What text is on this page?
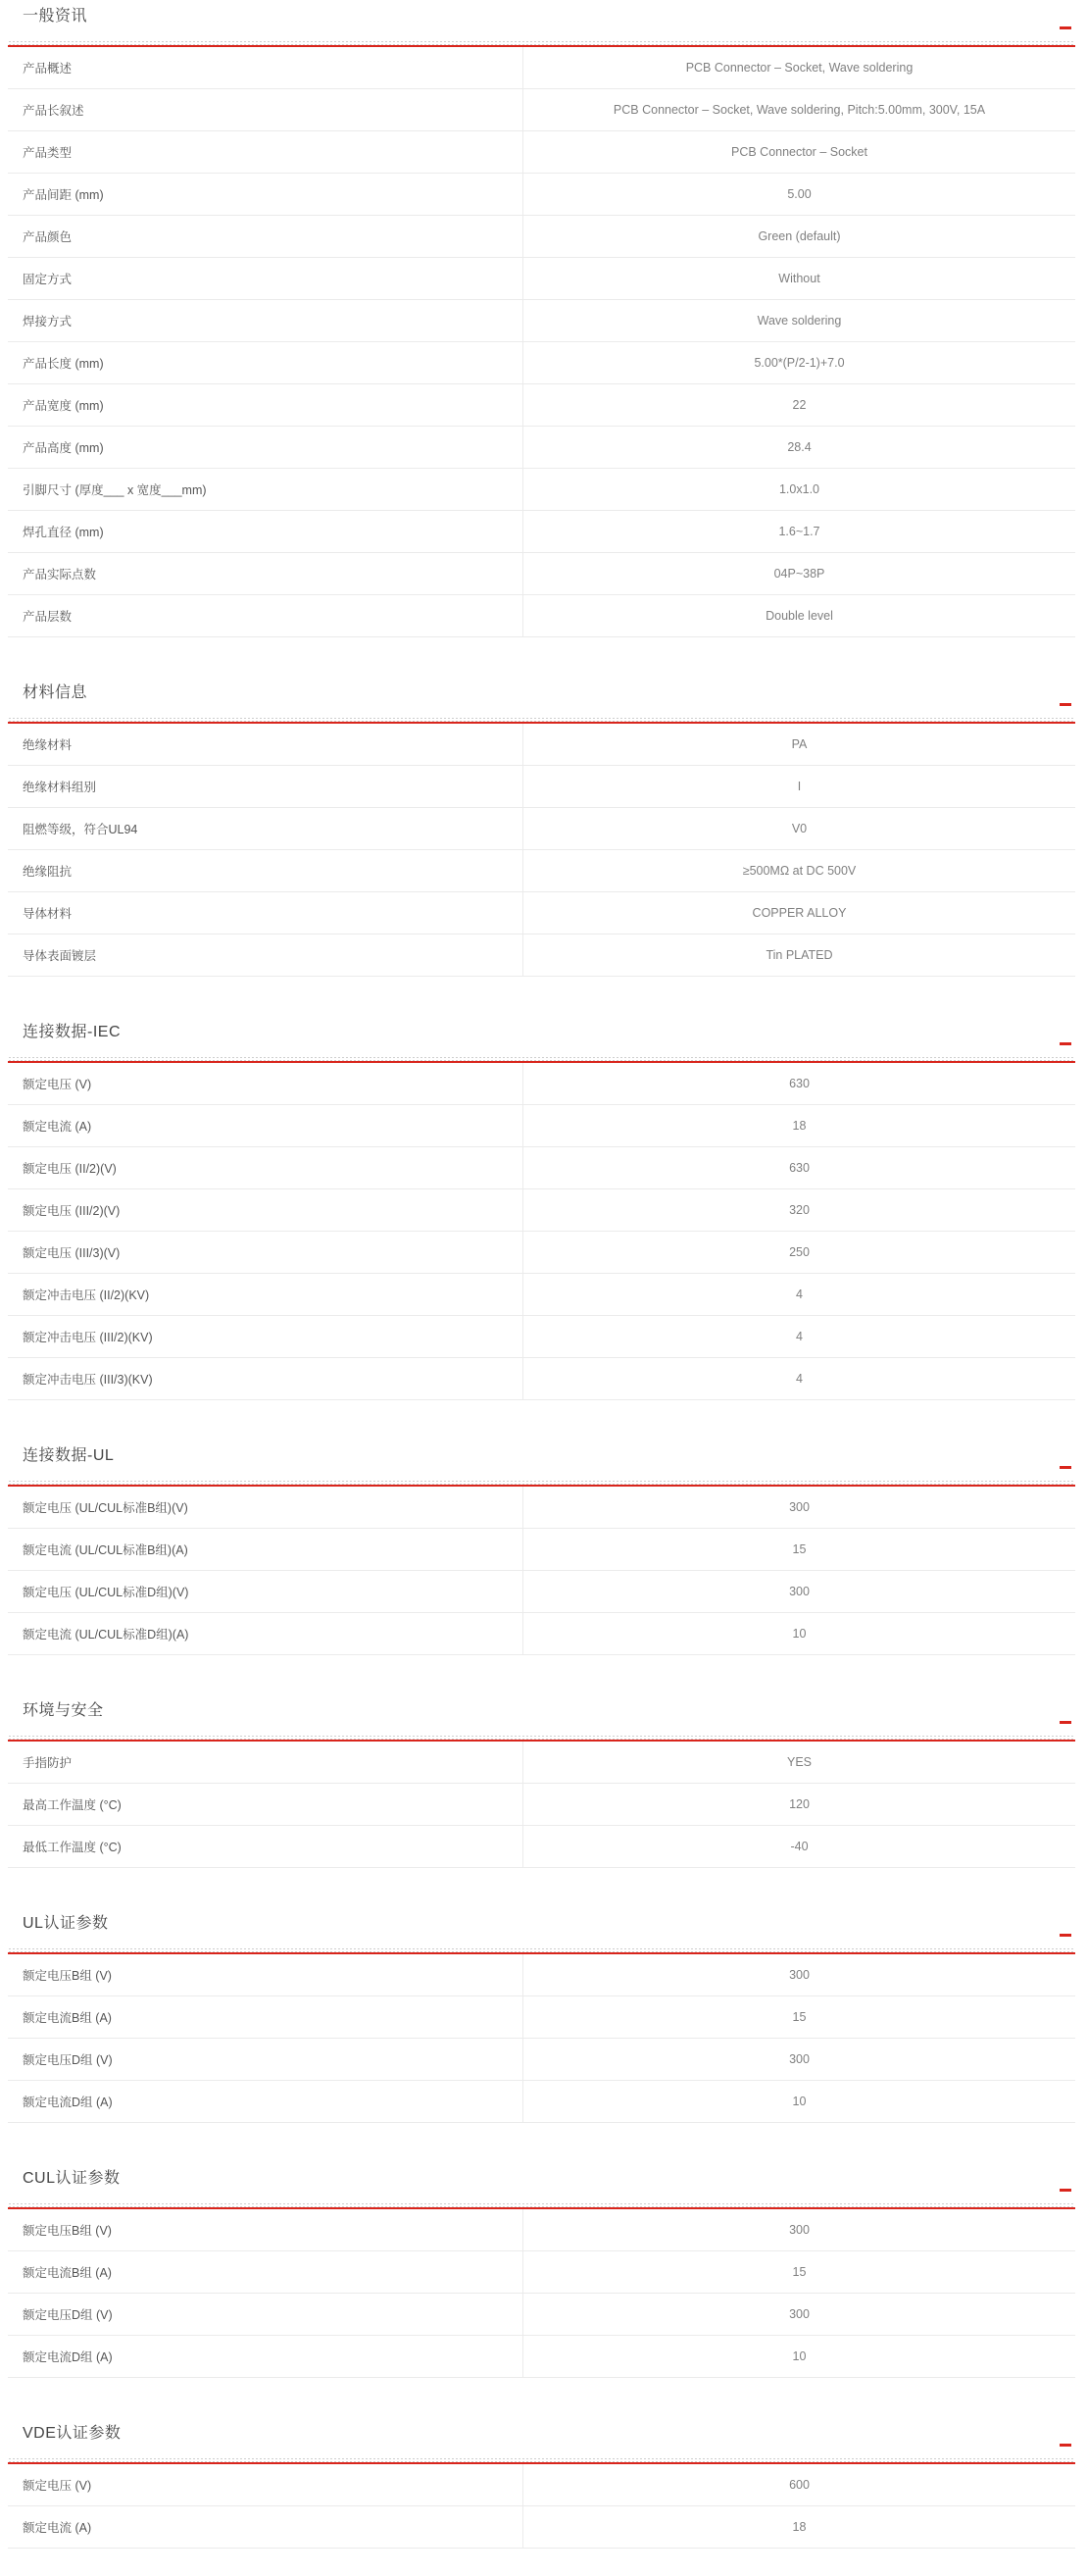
一般资讯
产品概述	PCB Connector – Socket, Wave soldering
产品长叙述	PCB Connector – Socket, Wave soldering, Pitch:5.00mm, 300V, 15A
产品类型	PCB Connector – Socket
产品间距 (mm)	5.00
产品颜色	Green (default)
固定方式	Without
焊接方式	Wave soldering
产品长度 (mm)	5.00*(P/2-1)+7.0
产品宽度 (mm)	22
产品高度 (mm)	28.4
引脚尺寸 (厚度___ x 宽度___mm)	1.0x1.0
焊孔直径 (mm)	1.6~1.7
产品实际点数	04P~38P
产品层数	Double level
材料信息
绝缘材料	PA
绝缘材料组别	I
阻燃等级，符合UL94	V0
绝缘阻抗	≥500MΩ at DC 500V
导体材料	COPPER ALLOY
导体表面镀层	Tin PLATED
连接数据-IEC
额定电压 (V)	630
额定电流 (A)	18
额定电压 (II/2)(V)	630
额定电压 (III/2)(V)	320
额定电压 (III/3)(V)	250
额定冲击电压 (II/2)(KV)	4
额定冲击电压 (III/2)(KV)	4
额定冲击电压 (III/3)(KV)	4
连接数据-UL
额定电压 (UL/CUL标准B组)(V)	300
额定电流 (UL/CUL标准B组)(A)	15
额定电压 (UL/CUL标准D组)(V)	300
额定电流 (UL/CUL标准D组)(A)	10
环境与安全
手指防护	YES
最高工作温度 (°C)	120
最低工作温度 (°C)	-40
UL认证参数
额定电压B组 (V)	300
额定电流B组 (A)	15
额定电压D组 (V)	300
额定电流D组 (A)	10
CUL认证参数
额定电压B组 (V)	300
额定电流B组 (A)	15
额定电压D组 (V)	300
额定电流D组 (A)	10
VDE认证参数
额定电压 (V)	600
额定电流 (A)	18
